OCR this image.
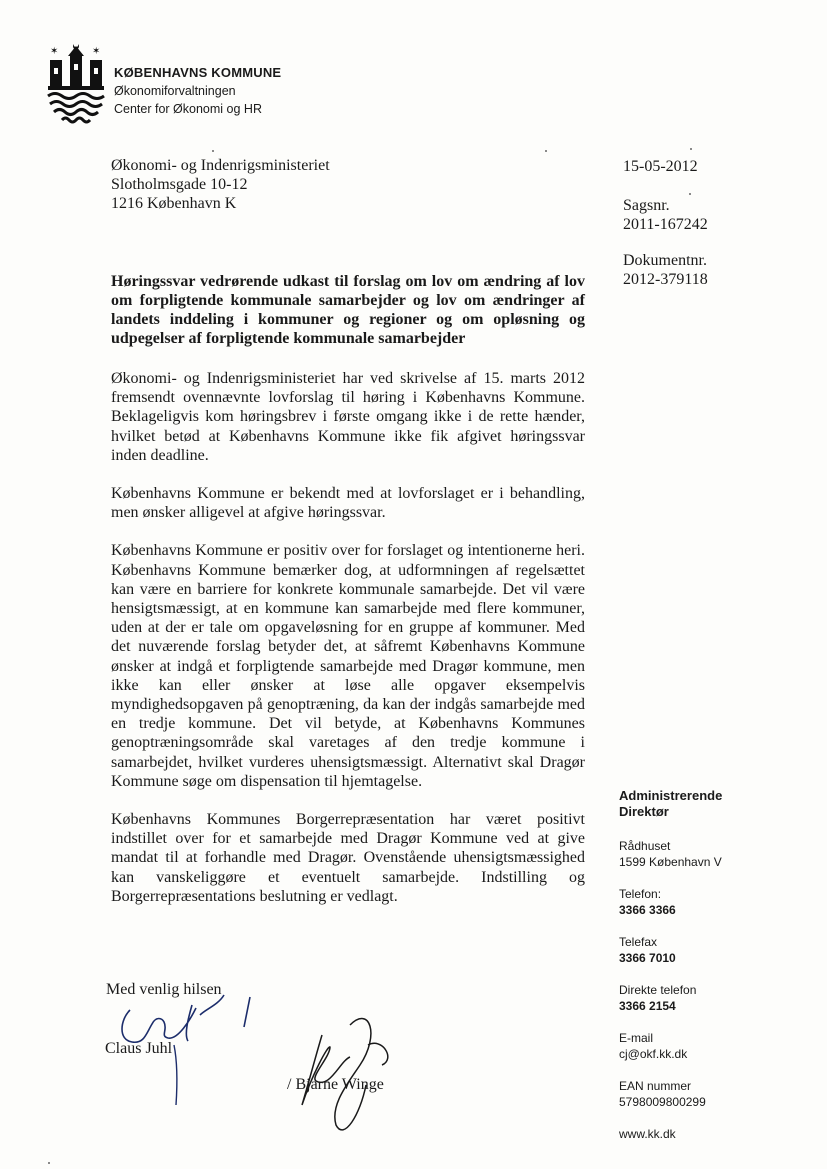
✶	✶
KØBENHAVNS KOMMUNE
Økonomiforvaltningen
Center for Økonomi og HR
Økonomi- og Indenrigsministeriet
Slotholmsgade 10-12
1216 København K
15-05-2012
Sagsnr.
2011-167242
Dokumentnr.
2012-379118
Høringssvar vedrørende udkast til forslag om lov om ændring af lov om forpligtende kommunale samarbejder og lov om ændringer af landets inddeling i kommuner og regioner og om opløsning og udpegelser af forpligtende kommunale samarbejder

Økonomi- og Indenrigsministeriet har ved skrivelse af 15. marts 2012 fremsendt ovennævnte lovforslag til høring i Københavns Kommune. Beklageligvis kom høringsbrev i første omgang ikke i de rette hænder, hvilket betød at Københavns Kommune ikke fik afgivet høringssvar inden deadline.

Københavns Kommune er bekendt med at lovforslaget er i behandling, men ønsker alligevel at afgive høringssvar.

Københavns Kommune er positiv over for forslaget og intentionerne heri. Københavns Kommune bemærker dog, at udformningen af regelsættet kan være en barriere for konkrete kommunale samarbejde. Det vil være hensigtsmæssigt, at en kommune kan samarbejde med flere kommuner, uden at der er tale om opgaveløsning for en gruppe af kommuner. Med det nuværende forslag betyder det, at såfremt Københavns Kommune ønsker at indgå et forpligtende samarbejde med Dragør kommune, men ikke kan eller ønsker at løse alle opgaver eksempelvis myndighedsopgaven på genoptræning, da kan der indgås samarbejde med en tredje kommune. Det vil betyde, at Københavns Kommunes genoptræningsområde skal varetages af den tredje kommune i samarbejdet, hvilket vurderes uhensigtsmæssigt. Alternativt skal Dragør Kommune søge om dispensation til hjemtagelse.

Københavns Kommunes Borgerrepræsentation har været positivt indstillet over for et samarbejde med Dragør Kommune ved at give mandat til at forhandle med Dragør. Ovenstående uhensigtsmæssighed kan vanskeliggøre et eventuelt samarbejde. Indstilling og Borgerrepræsentations beslutning er vedlagt.

Med venlig hilsen
Claus Juhl
/ Bjarne Winge
Administrerende
Direktør
Rådhuset
1599 København V
Telefon:
3366 3366
Telefax
3366 7010
Direkte telefon
3366 2154
E-mail
cj@okf.kk.dk
EAN nummer
5798009800299
www.kk.dk
